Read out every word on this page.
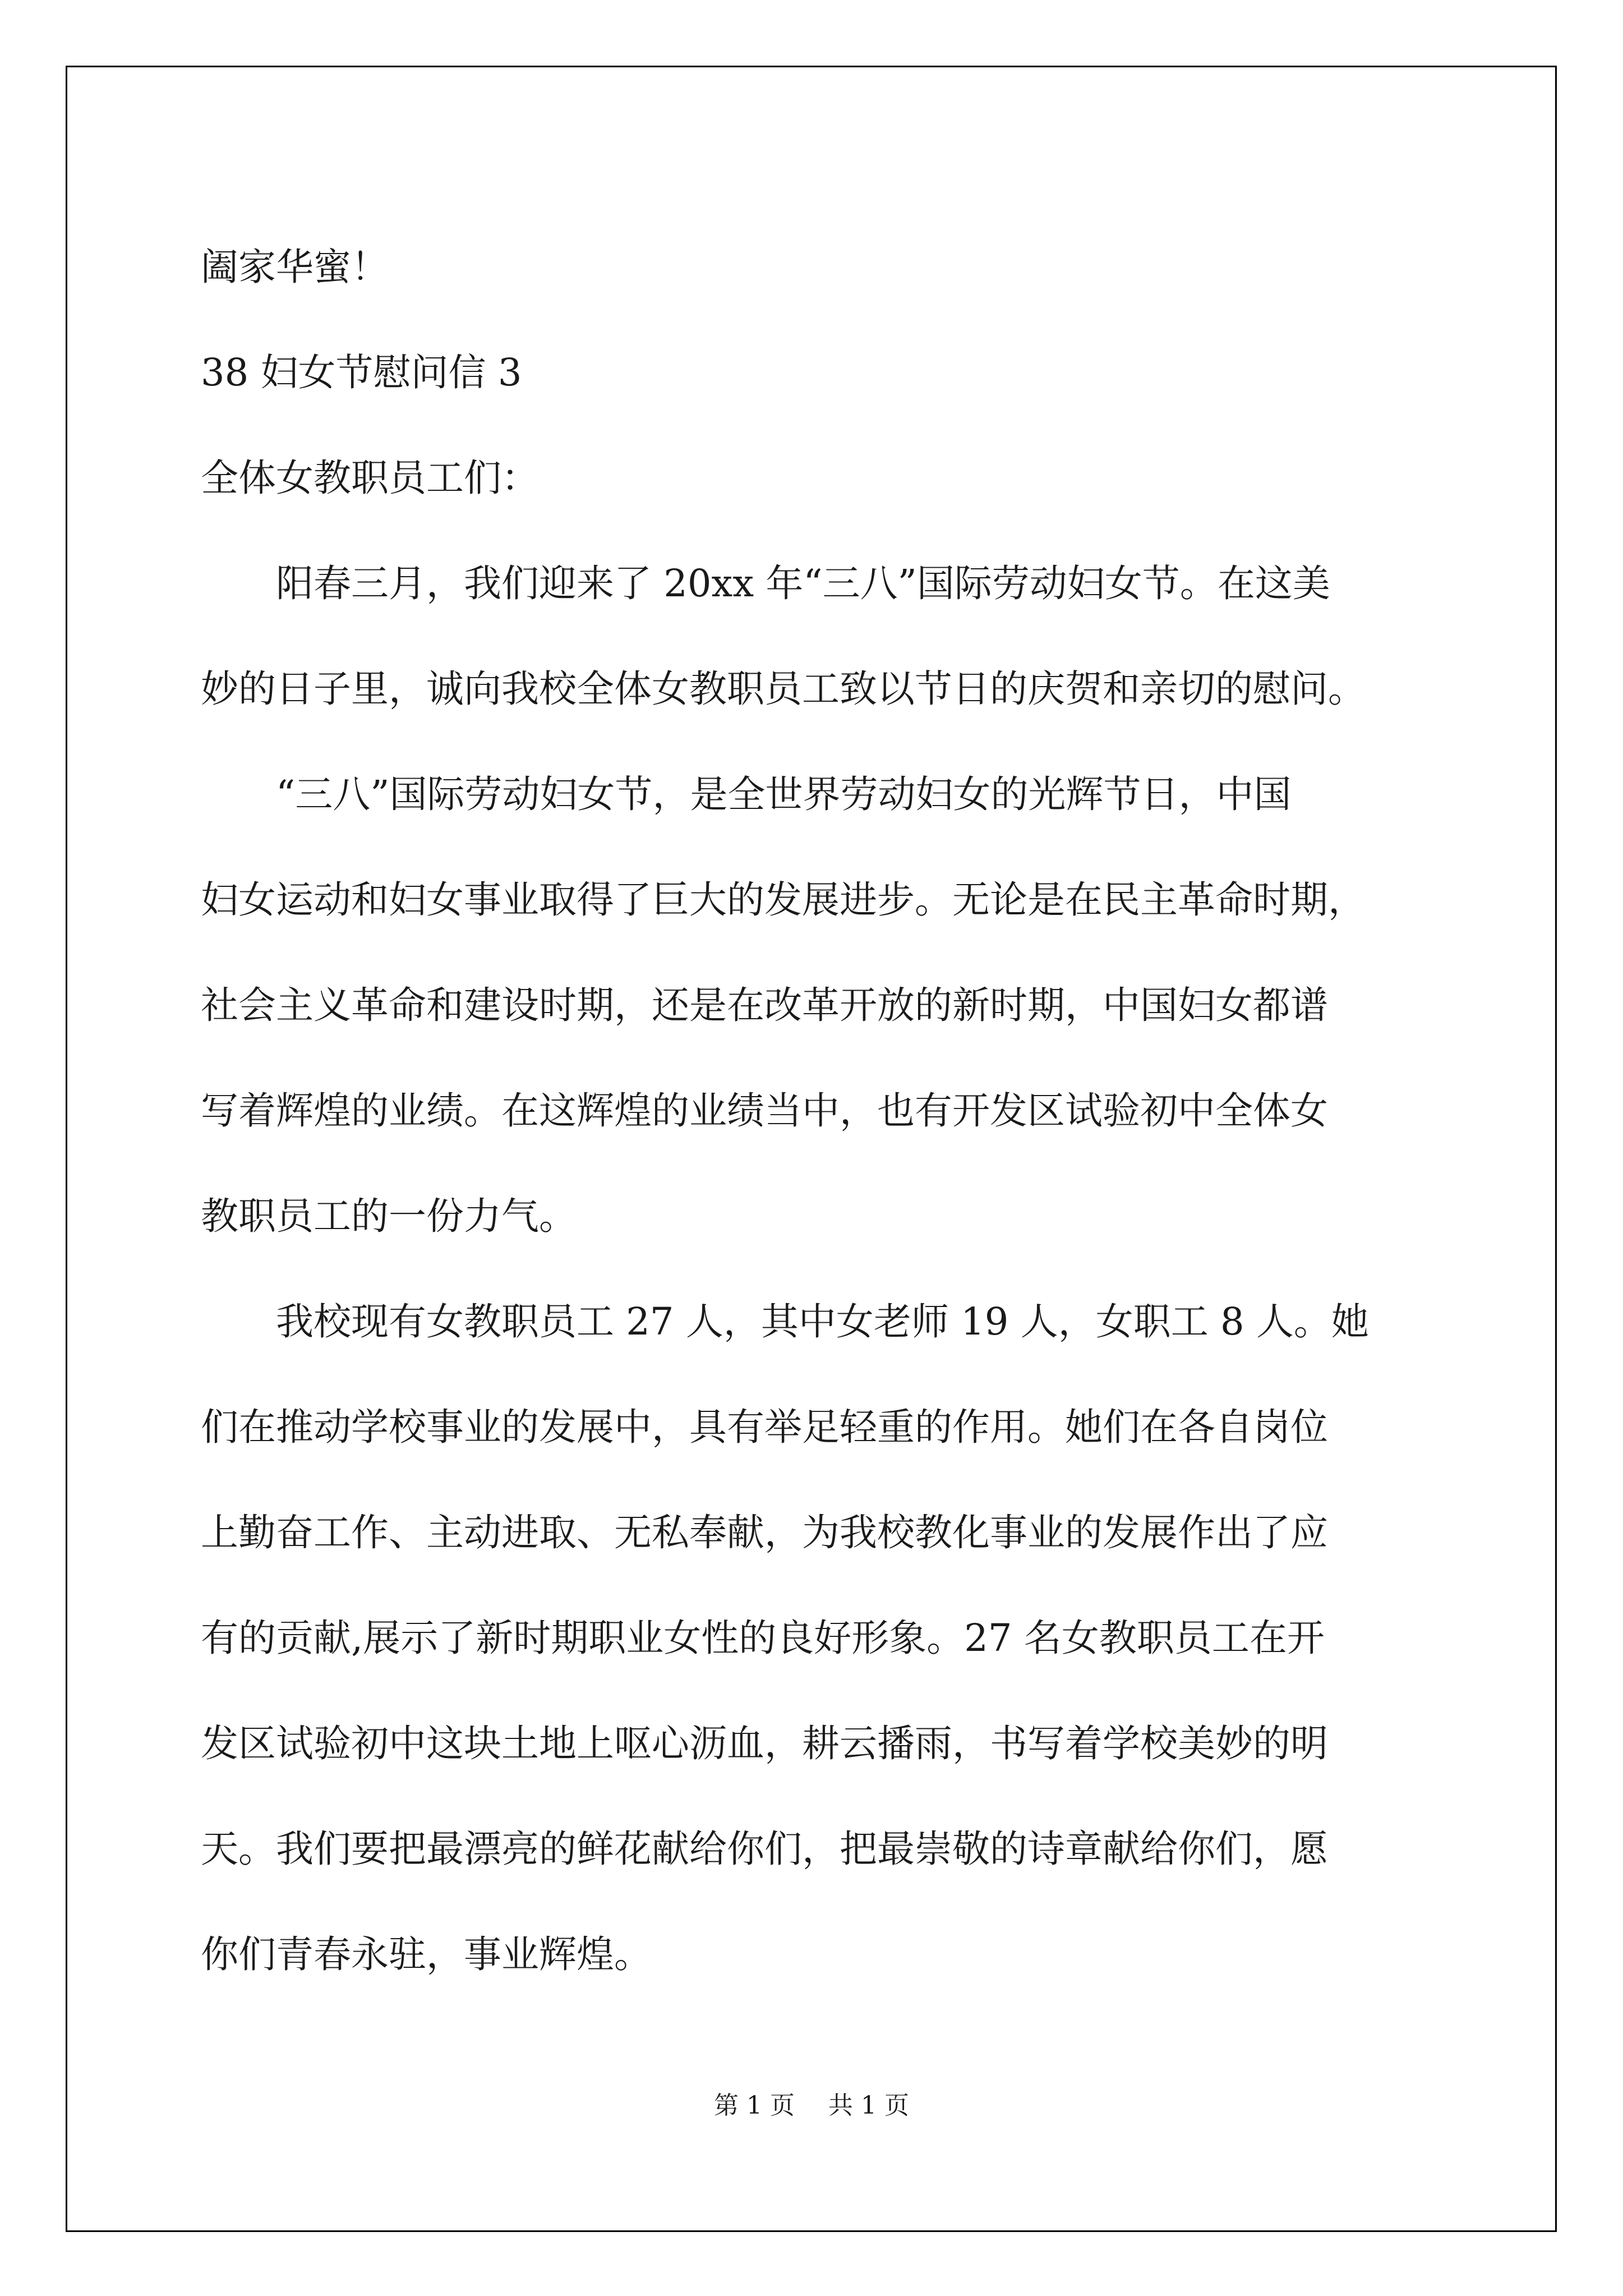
阖家华蜜！
38 妇女节慰问信 3
全体女教职员工们：
阳春三月，我们迎来了 20xx 年“三八”国际劳动妇女节。在这美
妙的日子里，诚向我校全体女教职员工致以节日的庆贺和亲切的慰问。
“三八”国际劳动妇女节，是全世界劳动妇女的光辉节日，中国
妇女运动和妇女事业取得了巨大的发展进步。无论是在民主革命时期，
社会主义革命和建设时期，还是在改革开放的新时期，中国妇女都谱
写着辉煌的业绩。在这辉煌的业绩当中，也有开发区试验初中全体女
教职员工的一份力气。
我校现有女教职员工 27 人，其中女老师 19 人，女职工 8 人。她
们在推动学校事业的发展中，具有举足轻重的作用。她们在各自岗位
上勤奋工作、主动进取、无私奉献，为我校教化事业的发展作出了应
有的贡献,展示了新时期职业女性的良好形象。27 名女教职员工在开
发区试验初中这块土地上呕心沥血，耕云播雨，书写着学校美妙的明
天。我们要把最漂亮的鲜花献给你们，把最崇敬的诗章献给你们，愿
你们青春永驻，事业辉煌。
第 1 页 共 1 页
